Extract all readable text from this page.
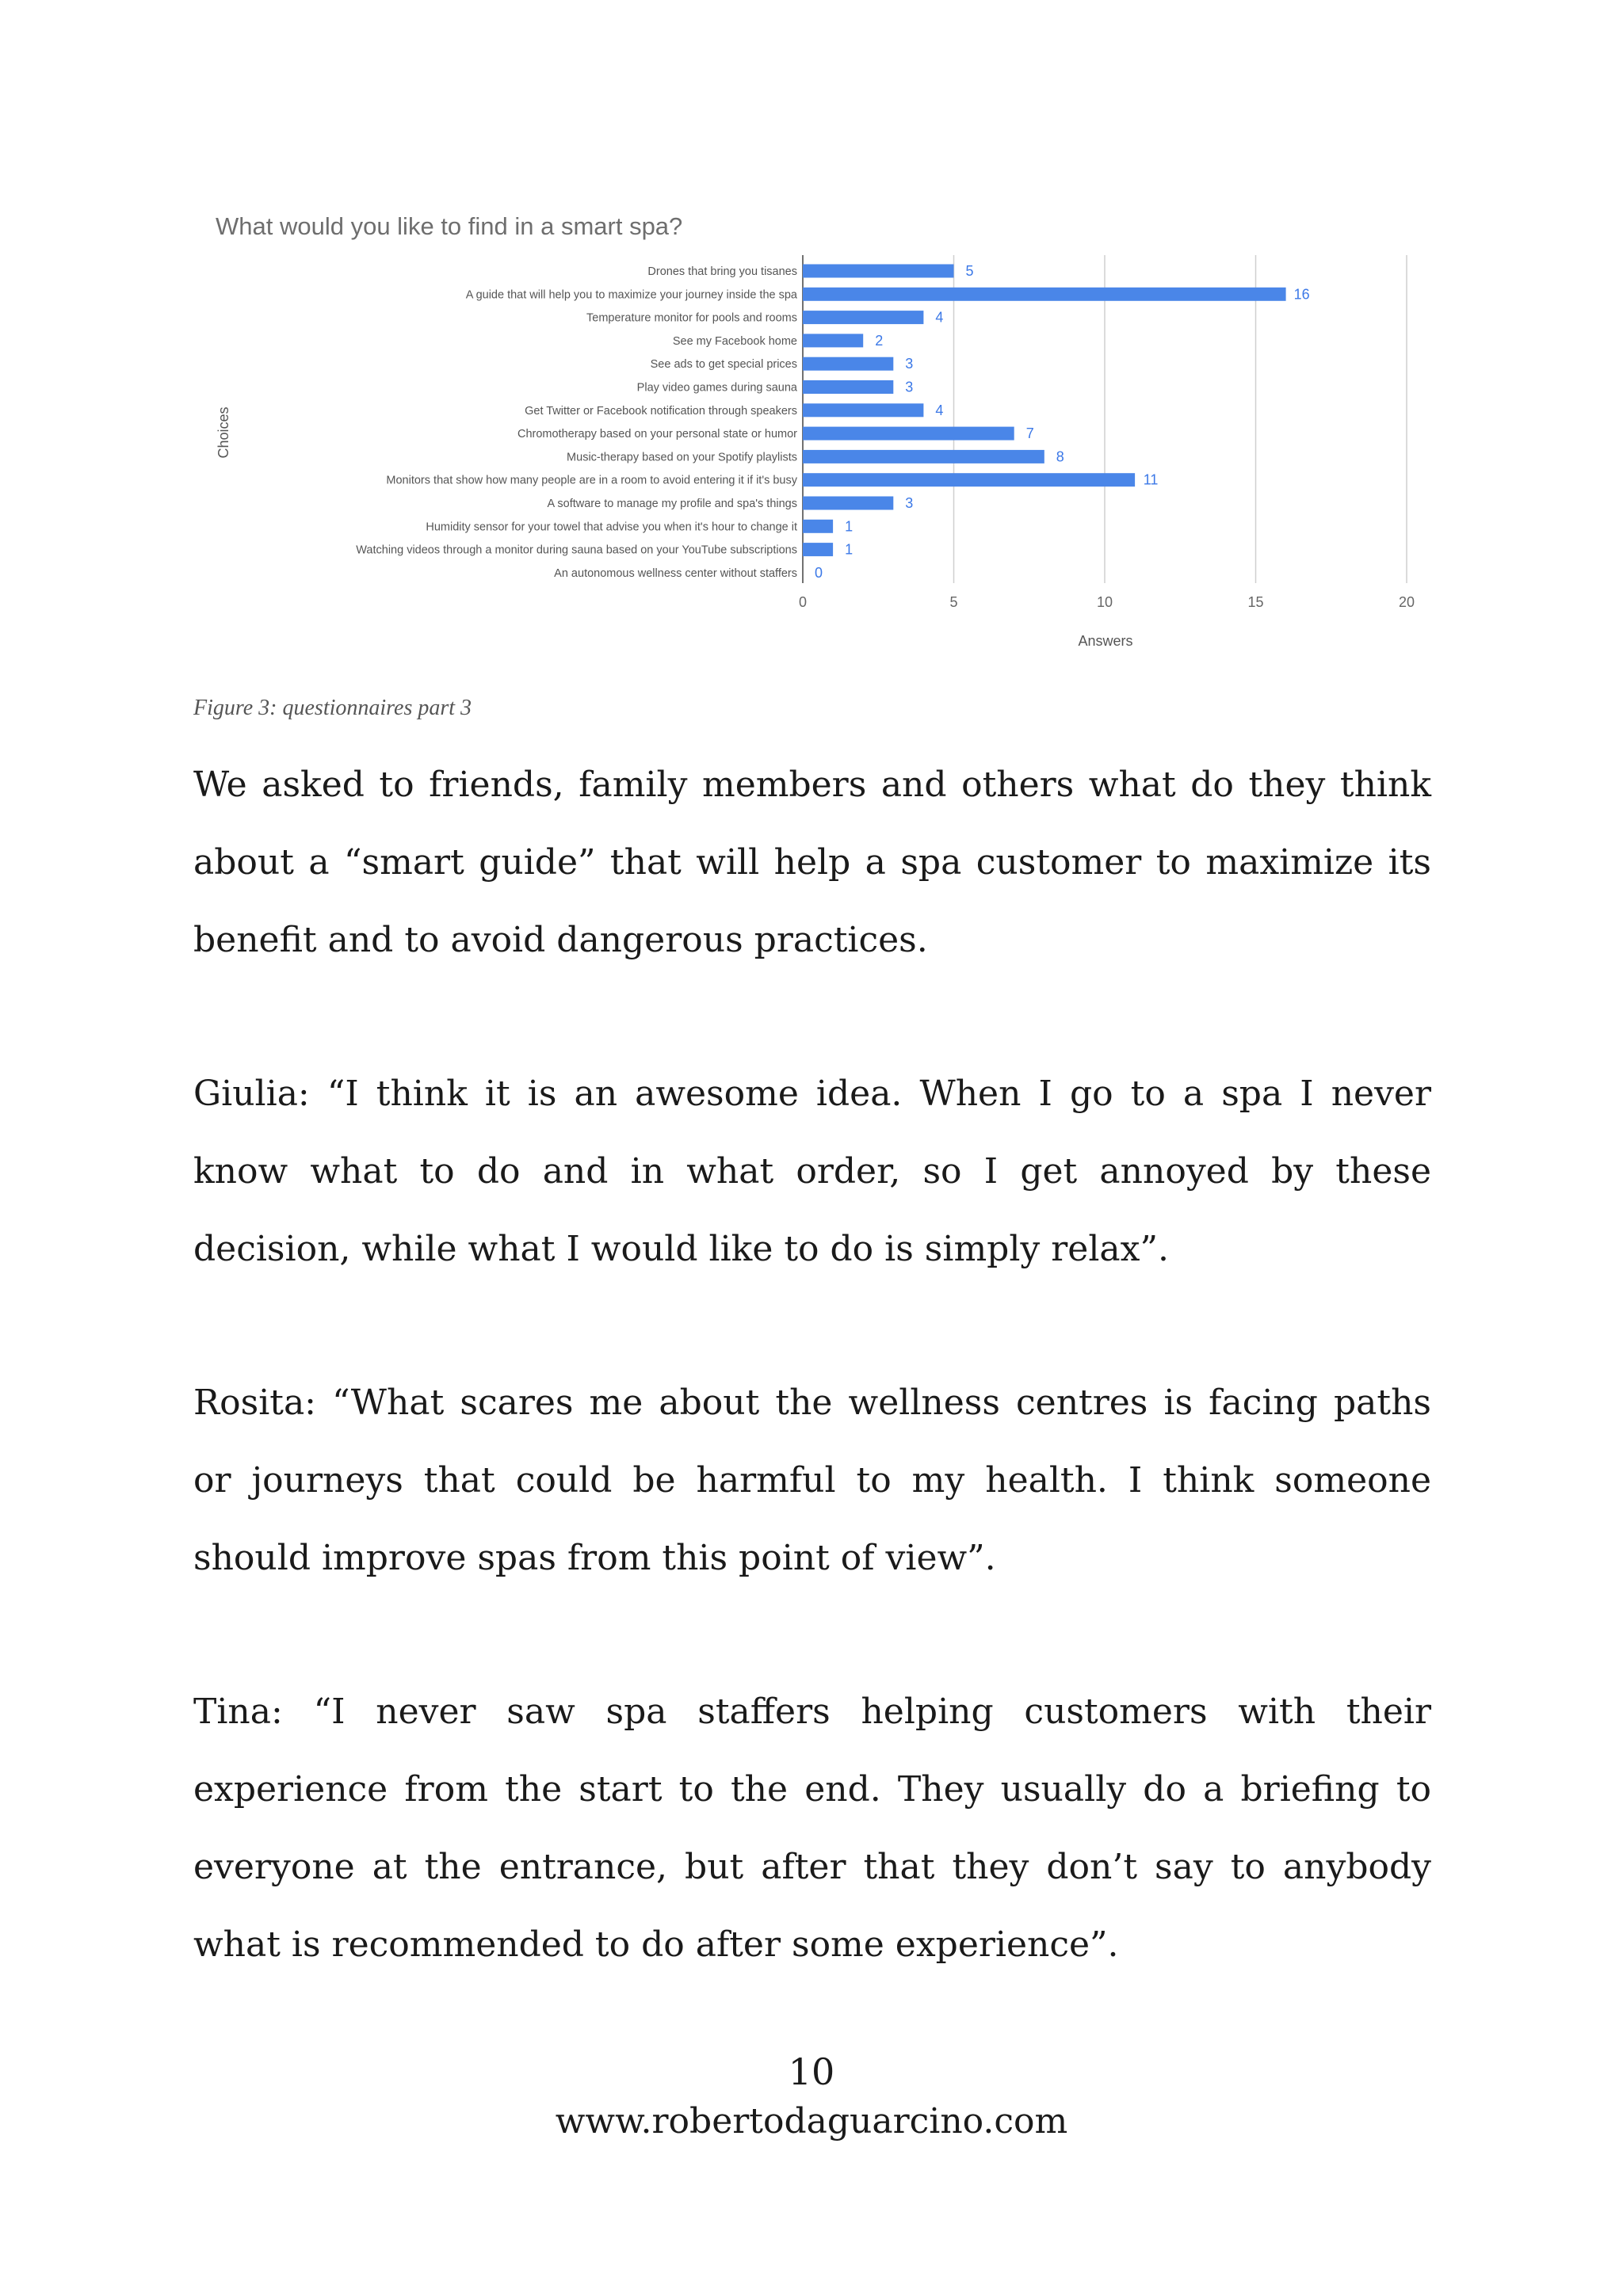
What would you like to find in a smart spa?
Answers
Choices
5
16
4
2
3
3
4
7
8
11
3
1
1
0
Drones that bring you tisanes
A guide that will help you to maximize your journey inside the spa
Temperature monitor for pools and rooms
See my Facebook home
See ads to get special prices
Play video games during sauna
Get Twitter or Facebook notification through speakers
Chromotherapy based on your personal state or humor
Music-therapy based on your Spotify playlists
Monitors that show how many people are in a room to avoid entering it if it's busy
A software to manage my profile and spa's things
Humidity sensor for your towel that advise you when it's hour to change it
Watching videos through a monitor during sauna based on your YouTube subscriptions
An autonomous wellness center without staffers
0	5	10	15	20

Figure 3: questionnaires part 3

We asked to friends, family members and others what do they think about a “smart guide” that will help a spa customer to maximize its benefit and to avoid dangerous practices.

Giulia: “I think it is an awesome idea. When I go to a spa I never know what to do and in what order, so I get annoyed by these decision, while what I would like to do is simply relax”.

Rosita: “What scares me about the wellness centres is facing paths or journeys that could be harmful to my health. I think someone should improve spas from this point of view”.

Tina: “I never saw spa staffers helping customers with their experience from the start to the end. They usually do a briefing to everyone at the entrance, but after that they don’t say to anybody what is recommended to do after some experience”.

10

www.robertodaguarcino.com
